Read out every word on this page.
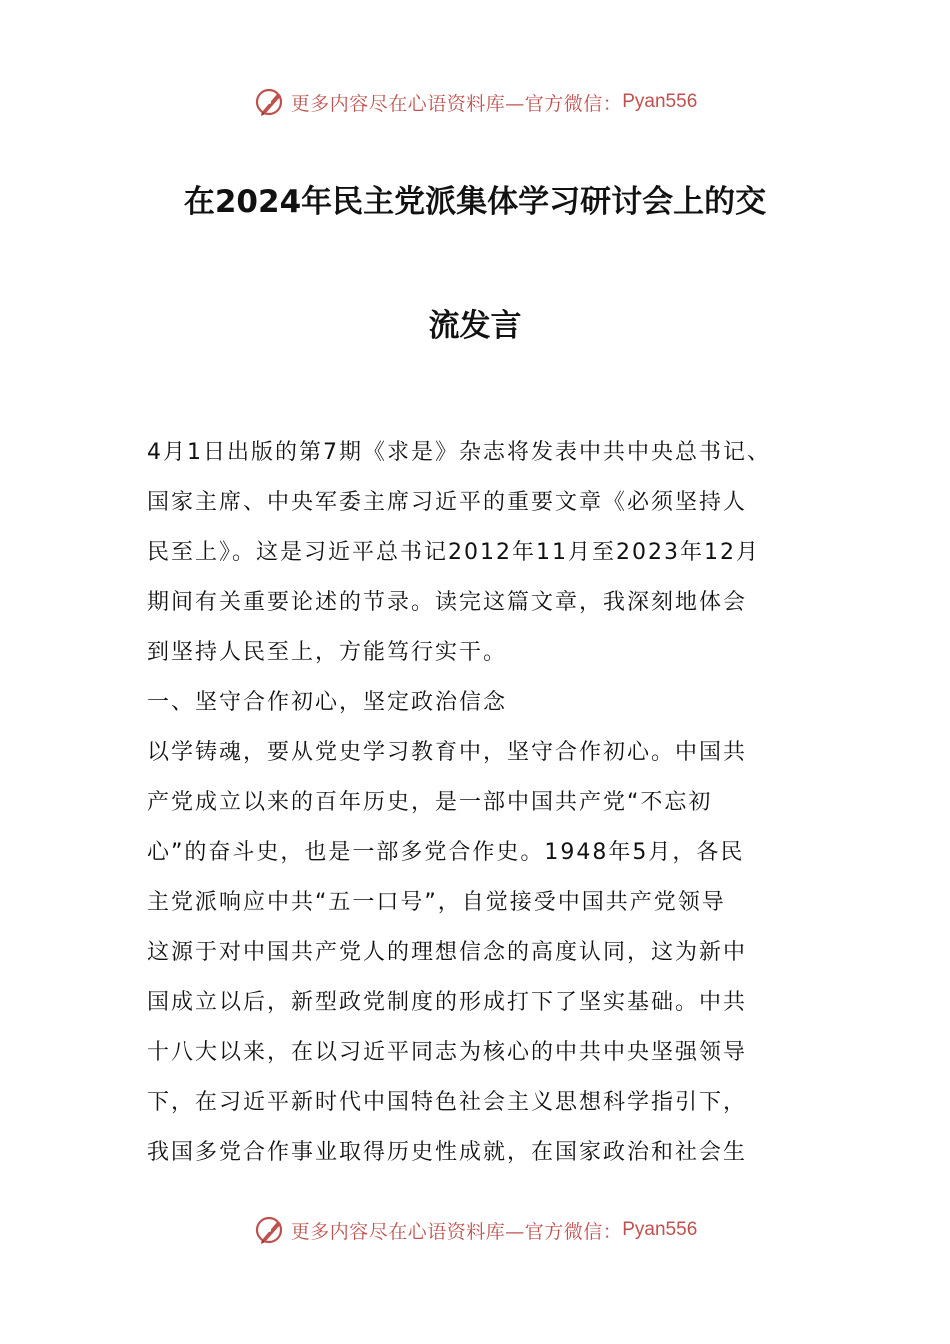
更多内容尽在心语资料库—官方微信： Pyan556
在2024年民主党派集体学习研讨会上的交
流发言
4月1日出版的第7期《求是》杂志将发表中共中央总书记、
国家主席、中央军委主席习近平的重要文章《必须坚持人
民至上》。这是习近平总书记2012年11月至2023年12月
期间有关重要论述的节录。读完这篇文章，我深刻地体会
到坚持人民至上，方能笃行实干。
一、坚守合作初心，坚定政治信念
以学铸魂，要从党史学习教育中，坚守合作初心。中国共
产党成立以来的百年历史，是一部中国共产党“不忘初
心”的奋斗史，也是一部多党合作史。1948年5月，各民
主党派响应中共“五一口号”，自觉接受中国共产党领导
这源于对中国共产党人的理想信念的高度认同，这为新中
国成立以后，新型政党制度的形成打下了坚实基础。中共
十八大以来，在以习近平同志为核心的中共中央坚强领导
下，在习近平新时代中国特色社会主义思想科学指引下，
我国多党合作事业取得历史性成就，在国家政治和社会生
更多内容尽在心语资料库—官方微信： Pyan556
